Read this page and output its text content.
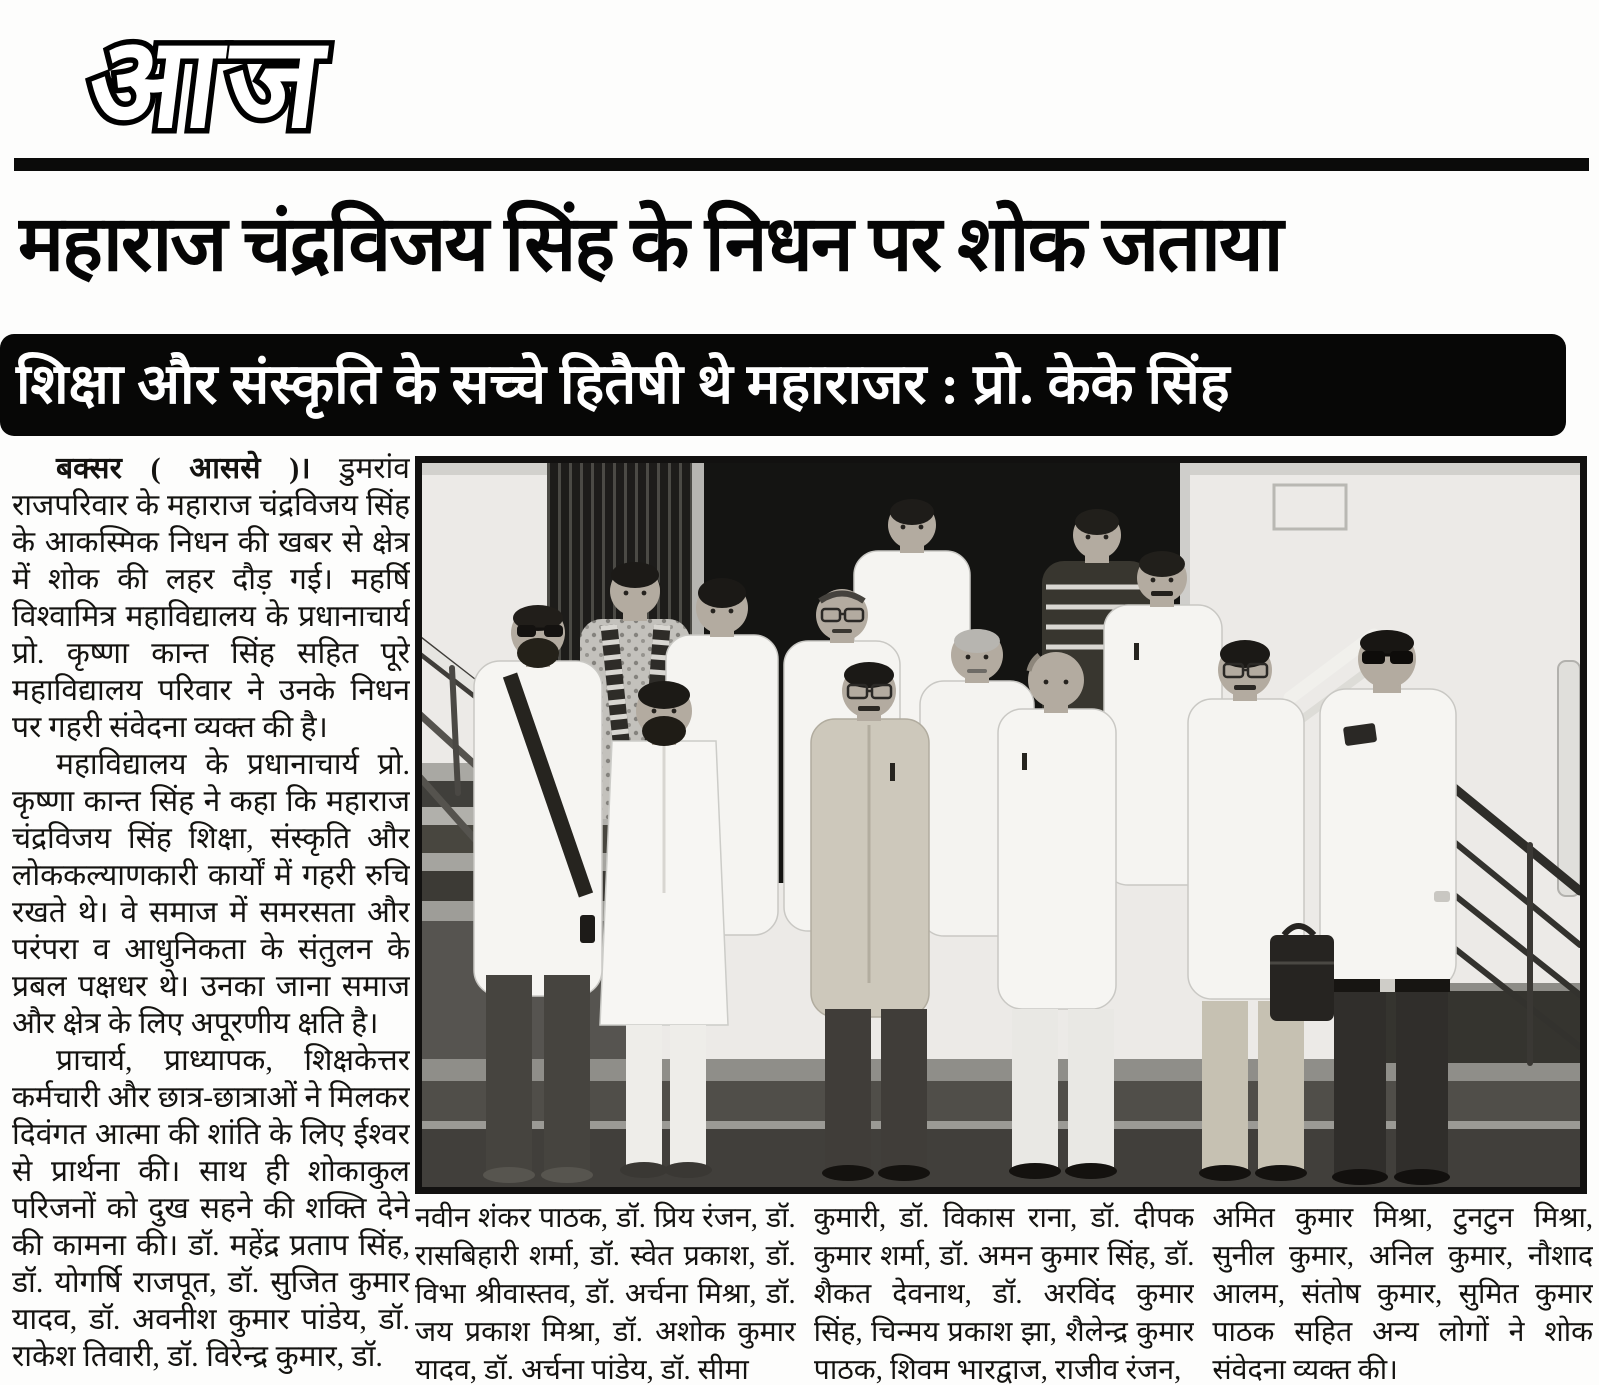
आज
महाराज चंद्रविजय सिंह के निधन पर शोक जताया
शिक्षा और संस्कृति के सच्चे हितैषी थे महाराजर : प्रो. केके सिंह

बक्सर ( आससे )। डुमरांव राजपरिवार के महाराज चंद्रविजय सिंह के आकस्मिक निधन की खबर से क्षेत्र में शोक की लहर दौड़ गई। महर्षि विश्वामित्र महाविद्यालय के प्रधानाचार्य प्रो. कृष्णा कान्त सिंह सहित पूरे महाविद्यालय परिवार ने उनके निधन पर गहरी संवेदना व्यक्त की है।

महाविद्यालय के प्रधानाचार्य प्रो. कृष्णा कान्त सिंह ने कहा कि महाराज चंद्रविजय सिंह शिक्षा, संस्कृति और लोककल्याणकारी कार्यों में गहरी रुचि रखते थे। वे समाज में समरसता और परंपरा व आधुनिकता के संतुलन के प्रबल पक्षधर थे। उनका जाना समाज और क्षेत्र के लिए अपूरणीय क्षति है।

प्राचार्य, प्राध्यापक, शिक्षकेत्तर कर्मचारी और छात्र-छात्राओं ने मिलकर दिवंगत आत्मा की शांति के लिए ईश्वर से प्रार्थना की। साथ ही शोकाकुल परिजनों को दुख सहने की शक्ति देने की कामना की। डॉ. महेंद्र प्रताप सिंह, डॉ. योगर्षि राजपूत, डॉ. सुजित कुमार यादव, डॉ. अवनीश कुमार पांडेय, डॉ. राकेश तिवारी, डॉ. विरेन्द्र कुमार, डॉ.

नवीन शंकर पाठक, डॉ. प्रिय रंजन, डॉ. रासबिहारी शर्मा, डॉ. स्वेत प्रकाश, डॉ. विभा श्रीवास्तव, डॉ. अर्चना मिश्रा, डॉ. जय प्रकाश मिश्रा, डॉ. अशोक कुमार यादव, डॉ. अर्चना पांडेय, डॉ. सीमा
कुमारी, डॉ. विकास राना, डॉ. दीपक कुमार शर्मा, डॉ. अमन कुमार सिंह, डॉ. शैकत देवनाथ, डॉ. अरविंद कुमार सिंह, चिन्मय प्रकाश झा, शैलेन्द्र कुमार पाठक, शिवम भारद्वाज, राजीव रंजन,
अमित कुमार मिश्रा, टुनटुन मिश्रा, सुनील कुमार, अनिल कुमार, नौशाद आलम, संतोष कुमार, सुमित कुमार पाठक सहित अन्य लोगों ने शोक संवेदना व्यक्त की।
